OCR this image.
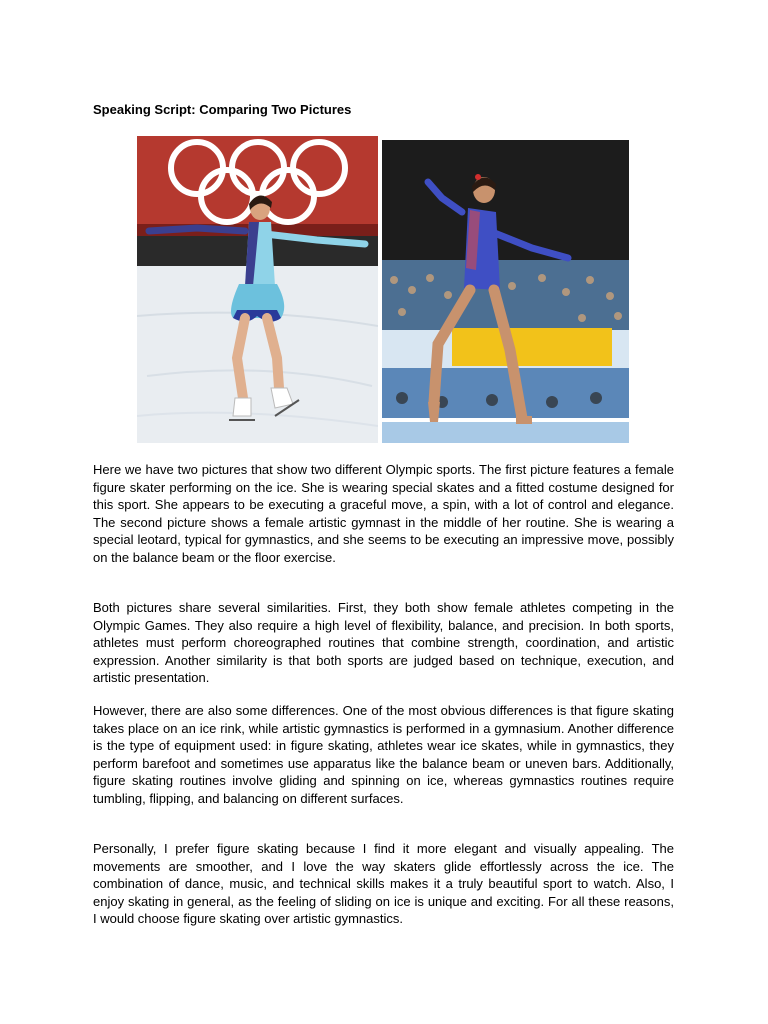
Speaking Script: Comparing Two Pictures

Here we have two pictures that show two different Olympic sports. The first picture features a female figure skater performing on the ice. She is wearing special skates and a fitted costume designed for this sport. She appears to be executing a graceful move, a spin, with a lot of control and elegance. The second picture shows a female artistic gymnast in the middle of her routine. She is wearing a special leotard, typical for gymnastics, and she seems to be executing an impressive move, possibly on the balance beam or the floor exercise.

Both pictures share several similarities. First, they both show female athletes competing in the Olympic Games. They also require a high level of flexibility, balance, and precision. In both sports, athletes must perform choreographed routines that combine strength, coordination, and artistic expression. Another similarity is that both sports are judged based on technique, execution, and artistic presentation.

However, there are also some differences. One of the most obvious differences is that figure skating takes place on an ice rink, while artistic gymnastics is performed in a gymnasium. Another difference is the type of equipment used: in figure skating, athletes wear ice skates, while in gymnastics, they perform barefoot and sometimes use apparatus like the balance beam or uneven bars. Additionally, figure skating routines involve gliding and spinning on ice, whereas gymnastics routines require tumbling, flipping, and balancing on different surfaces.

Personally, I prefer figure skating because I find it more elegant and visually appealing. The movements are smoother, and I love the way skaters glide effortlessly across the ice. The combination of dance, music, and technical skills makes it a truly beautiful sport to watch. Also, I enjoy skating in general, as the feeling of sliding on ice is unique and exciting. For all these reasons, I would choose figure skating over artistic gymnastics.
